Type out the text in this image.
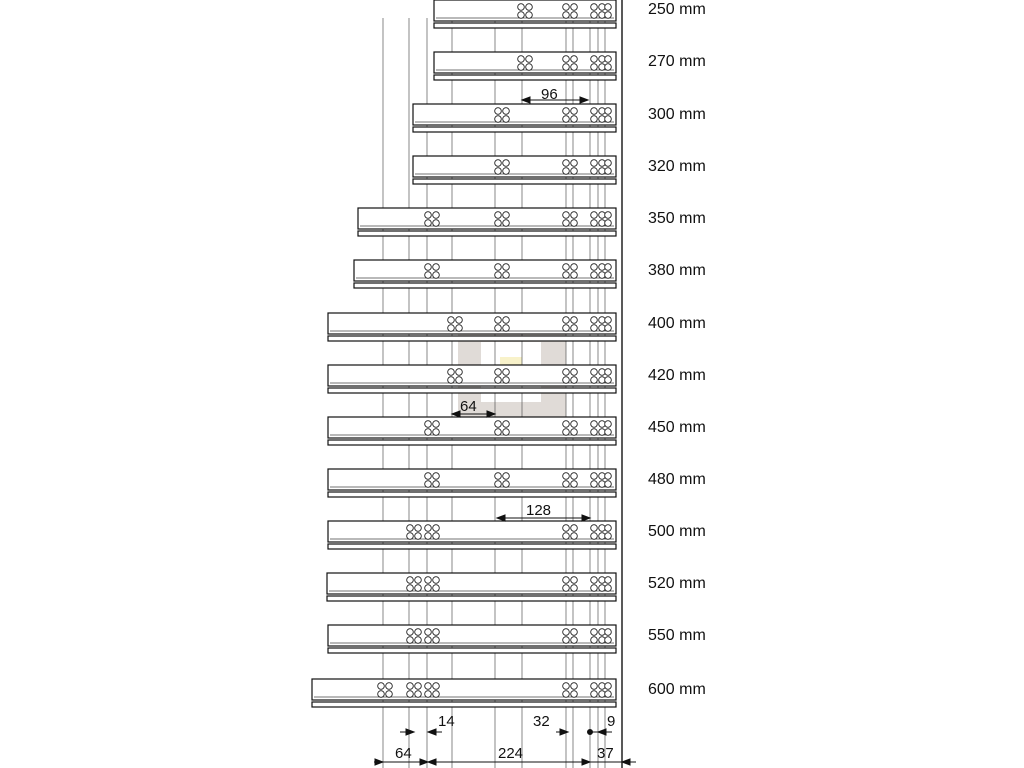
250 mm
270 mm
300 mm
320 mm
350 mm
380 mm
400 mm
420 mm
450 mm
480 mm
500 mm
520 mm
550 mm
600 mm
96
64
128
14	32	9
64	224	37
